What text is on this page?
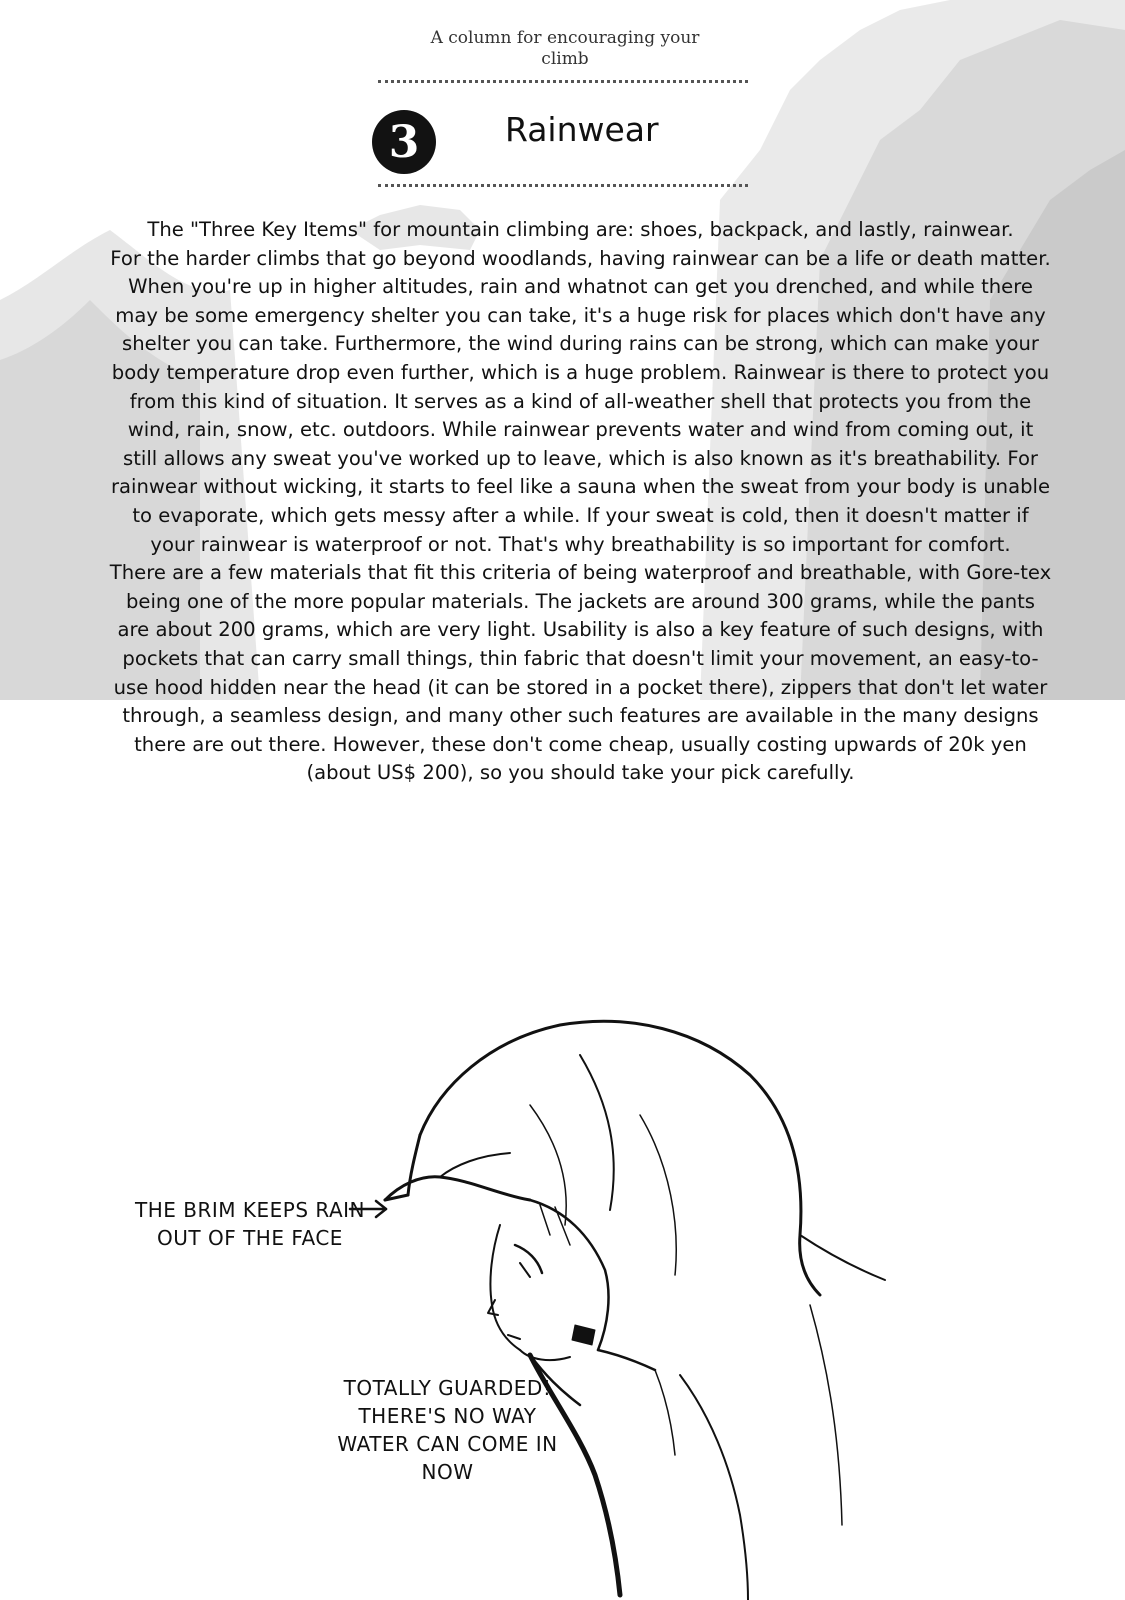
A column for encouraging your climb
3	Rainwear

The "Three Key Items" for mountain climbing are: shoes, backpack, and lastly, rainwear.

For the harder climbs that go beyond woodlands, having rainwear can be a life or death matter. When you're up in higher altitudes, rain and whatnot can get you drenched, and while there may be some emergency shelter you can take, it's a huge risk for places which don't have any shelter you can take. Furthermore, the wind during rains can be strong, which can make your body temperature drop even further, which is a huge problem. Rainwear is there to protect you from this kind of situation. It serves as a kind of all-weather shell that protects you from the wind, rain, snow, etc. outdoors. While rainwear prevents water and wind from coming out, it still allows any sweat you've worked up to leave, which is also known as it's breathability. For rainwear without wicking, it starts to feel like a sauna when the sweat from your body is unable to evaporate, which gets messy after a while. If your sweat is cold, then it doesn't matter if your rainwear is waterproof or not. That's why breathability is so important for comfort.

There are a few materials that fit this criteria of being waterproof and breathable, with Gore-tex being one of the more popular materials. The jackets are around 300 grams, while the pants are about 200 grams, which are very light. Usability is also a key feature of such designs, with pockets that can carry small things, thin fabric that doesn't limit your movement, an easy-to-use hood hidden near the head (it can be stored in a pocket there), zippers that don't let water through, a seamless design, and many other such features are available in the many designs there are out there. However, these don't come cheap, usually costing upwards of 20k yen (about US$ 200), so you should take your pick carefully.

THE BRIM KEEPS RAIN OUT OF THE FACE
TOTALLY GUARDED! THERE'S NO WAY WATER CAN COME IN NOW
